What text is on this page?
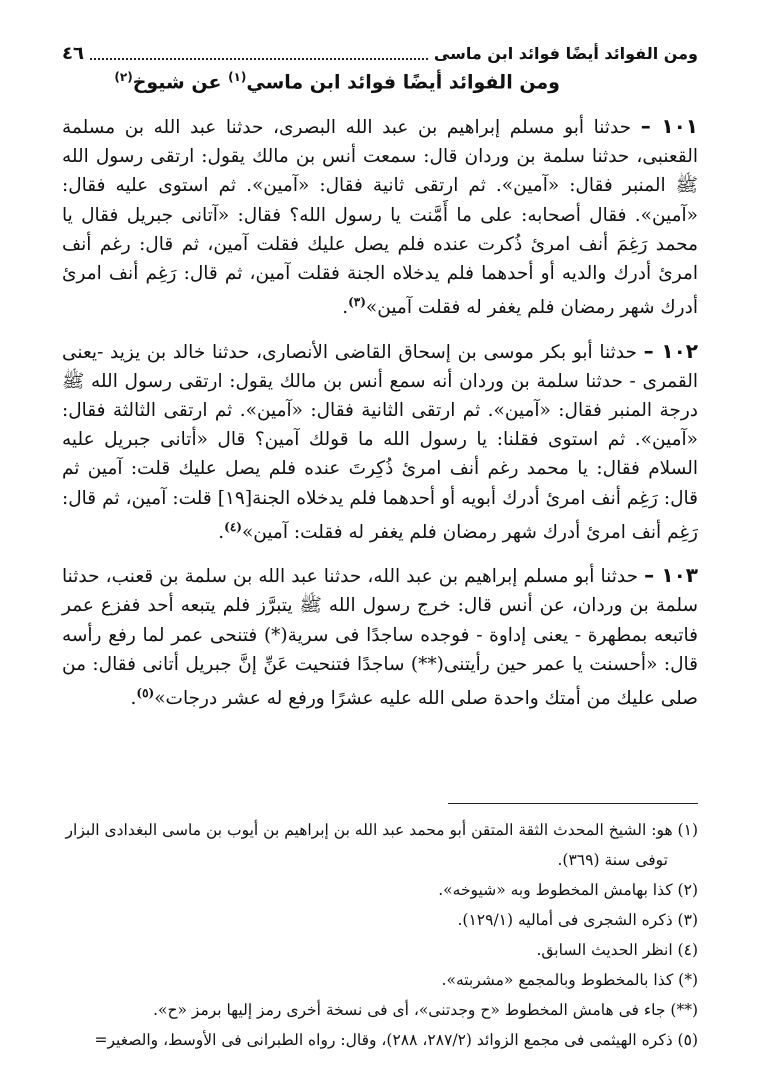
ومن الفوائد أيضًا فوائد ابن ماسى
٤٦
ومن الفوائد أيضًا فوائد ابن ماسي$^{(١)}$ عن شيوخ$^{(٢)}$

١٠١ – حدثنا أبو مسلم إبراهيم بن عبد الله البصرى، حدثنا عبد الله بن مسلمة القعنبى، حدثنا سلمة بن وردان قال: سمعت أنس بن مالك يقول: ارتقى رسول الله ﷺ المنبر فقال: «آمين». ثم ارتقى ثانية فقال: «آمين». ثم استوى عليه فقال: «آمين». فقال أصحابه: على ما أَمَّنت يا رسول الله؟ فقال: «آتانى جبريل فقال يا محمد رَغِمَ أنف امرئ ذُكرت عنده فلم يصل عليك فقلت آمين، ثم قال: رغم أنف امرئ أدرك والديه أو أحدهما فلم يدخلاه الجنة فقلت آمين، ثم قال: رَغِم أنف امرئ أدرك شهر رمضان فلم يغفر له فقلت آمين»$^{(٣)}$.

١٠٢ – حدثنا أبو بكر موسى بن إسحاق القاضى الأنصارى، حدثنا خالد بن يزيد -يعنى القمرى - حدثنا سلمة بن وردان أنه سمع أنس بن مالك يقول: ارتقى رسول الله ﷺ درجة المنبر فقال: «آمين». ثم ارتقى الثانية فقال: «آمين». ثم ارتقى الثالثة فقال: «آمين». ثم استوى فقلنا: يا رسول الله ما قولك آمين؟ قال «أتانى جبريل عليه السلام فقال: يا محمد رغم أنف امرئ ذُكِرتَ عنده فلم يصل عليك قلت: آمين ثم قال: رَغِم أنف امرئ أدرك أبويه أو أحدهما فلم يدخلاه الجنة[١٩] قلت: آمين، ثم قال: رَغِم أنف امرئ أدرك شهر رمضان فلم يغفر له فقلت: آمين»$^{(٤)}$.

١٠٣ – حدثنا أبو مسلم إبراهيم بن عبد الله، حدثنا عبد الله بن سلمة بن قعنب، حدثنا سلمة بن وردان، عن أنس قال: خرج رسول الله ﷺ يتبرَّز فلم يتبعه أحد ففزع عمر فاتبعه بمطهرة - يعنى إداوة - فوجده ساجدًا فى سرية(*) فتنحى عمر لما رفع رأسه قال: «أحسنت يا عمر حين رأيتنى(**) ساجدًا فتنحيت عَنِّ إنَّ جبريل أتانى فقال: من صلى عليك من أمتك واحدة صلى الله عليه عشرًا ورفع له عشر درجات»$^{(٥)}$.

(١) هو: الشيخ المحدث الثقة المتقن أبو محمد عبد الله بن إبراهيم بن أيوب بن ماسى البغدادى البزار

توفى سنة (٣٦٩).

(٢) كذا بهامش المخطوط وبه «شيوخه».

(٣) ذكره الشجرى فى أماليه (١٢٩/١).

(٤) انظر الحديث السابق.

(*) كذا بالمخطوط وبالمجمع «مشربته».

(**) جاء فى هامش المخطوط «ح وجدتنى»، أى فى نسخة أخرى رمز إليها برمز «ح».

(٥) ذكره الهيثمى فى مجمع الزوائد (٢٨٧/٢، ٢٨٨)، وقال: رواه الطبرانى فى الأوسط، والصغير=
